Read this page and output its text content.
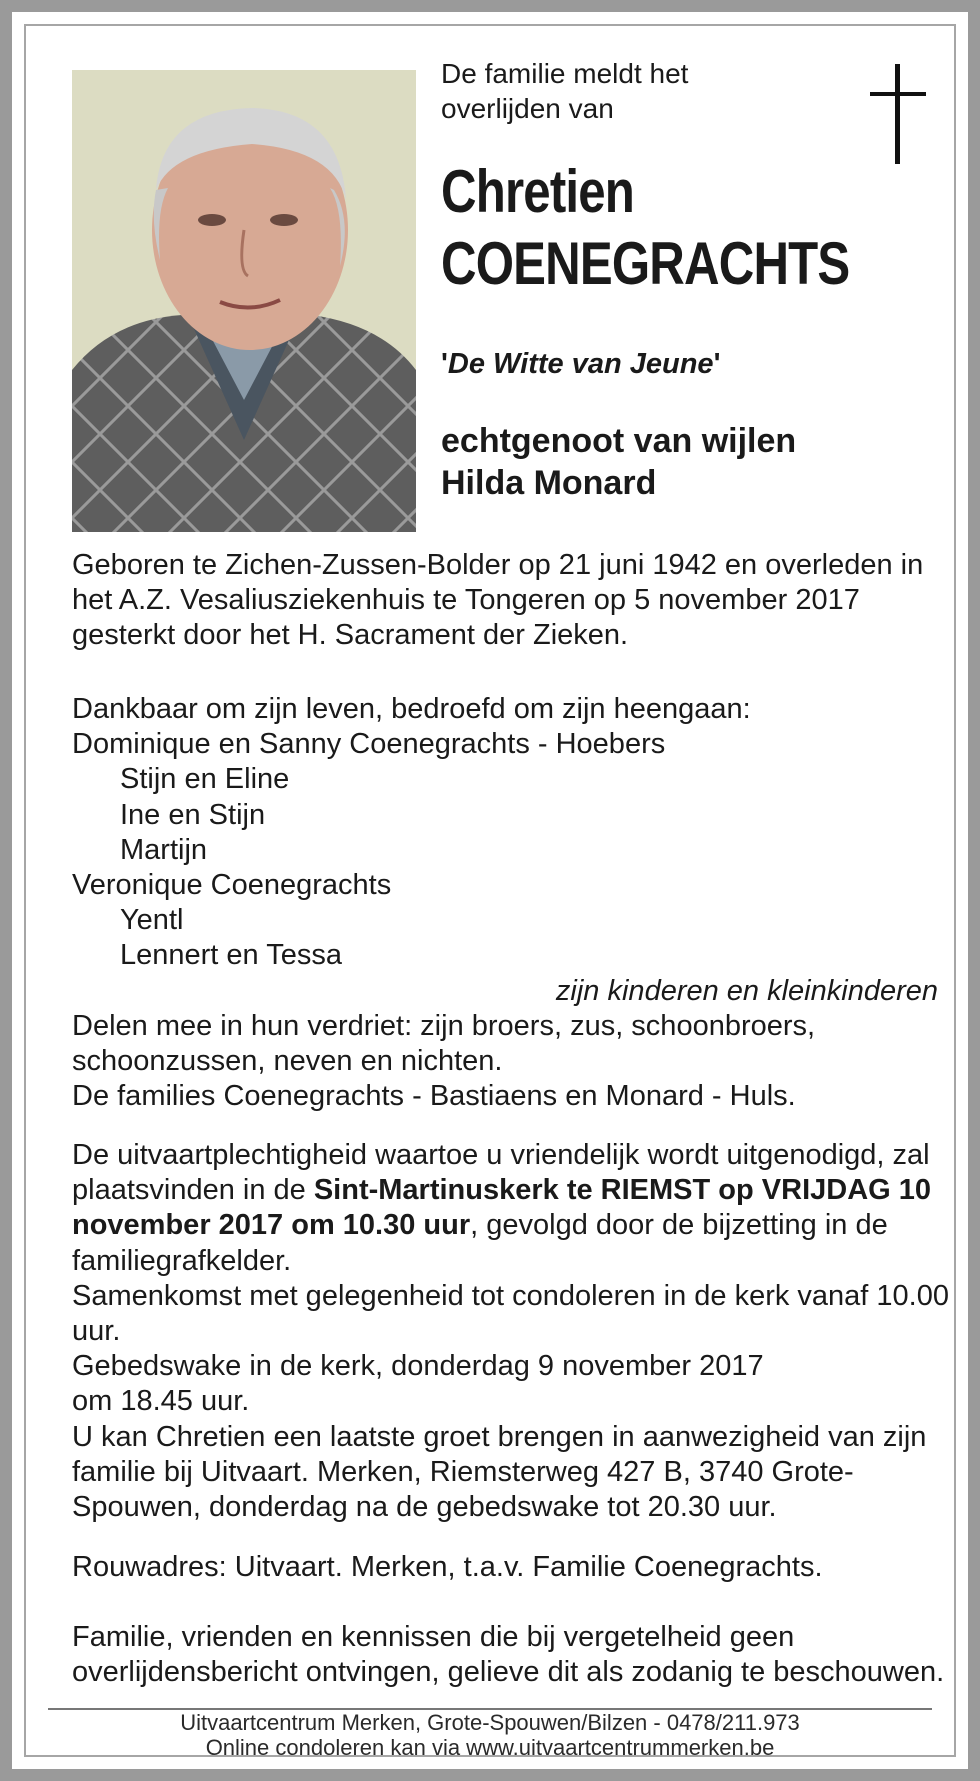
De familie meldt het
overlijden van
Chretien
COENEGRACHTS
'De Witte van Jeune'
echtgenoot van wijlen
Hilda Monard
Geboren te Zichen-Zussen-Bolder op 21 juni 1942 en overleden in het A.Z. Vesaliusziekenhuis te Tongeren op 5 november 2017 gesterkt door het H. Sacrament der Zieken.
Dankbaar om zijn leven, bedroefd om zijn heengaan:
Dominique en Sanny Coenegrachts - Hoebers
Stijn en Eline
Ine en Stijn
Martijn
Veronique Coenegrachts
Yentl
Lennert en Tessa
zijn kinderen en kleinkinderen
Delen mee in hun verdriet: zijn broers, zus, schoonbroers, schoonzussen, neven en nichten.
De families Coenegrachts - Bastiaens en Monard - Huls.
De uitvaartplechtigheid waartoe u vriendelijk wordt uitgenodigd, zal plaatsvinden in de Sint-Martinuskerk te RIEMST op VRIJDAG 10 november 2017 om 10.30 uur, gevolgd door de bijzetting in de familiegrafkelder.
Samenkomst met gelegenheid tot condoleren in de kerk vanaf 10.00 uur.
Gebedswake in de kerk, donderdag 9 november 2017
om 18.45 uur.
U kan Chretien een laatste groet brengen in aanwezigheid van zijn familie bij Uitvaart. Merken, Riemsterweg 427 B, 3740 Grote-Spouwen, donderdag na de gebedswake tot 20.30 uur.
Rouwadres: Uitvaart. Merken, t.a.v. Familie Coenegrachts.
Familie, vrienden en kennissen die bij vergetelheid geen overlijdensbericht ontvingen, gelieve dit als zodanig te beschouwen.
Uitvaartcentrum Merken, Grote-Spouwen/Bilzen - 0478/211.973
Online condoleren kan via www.uitvaartcentrummerken.be
